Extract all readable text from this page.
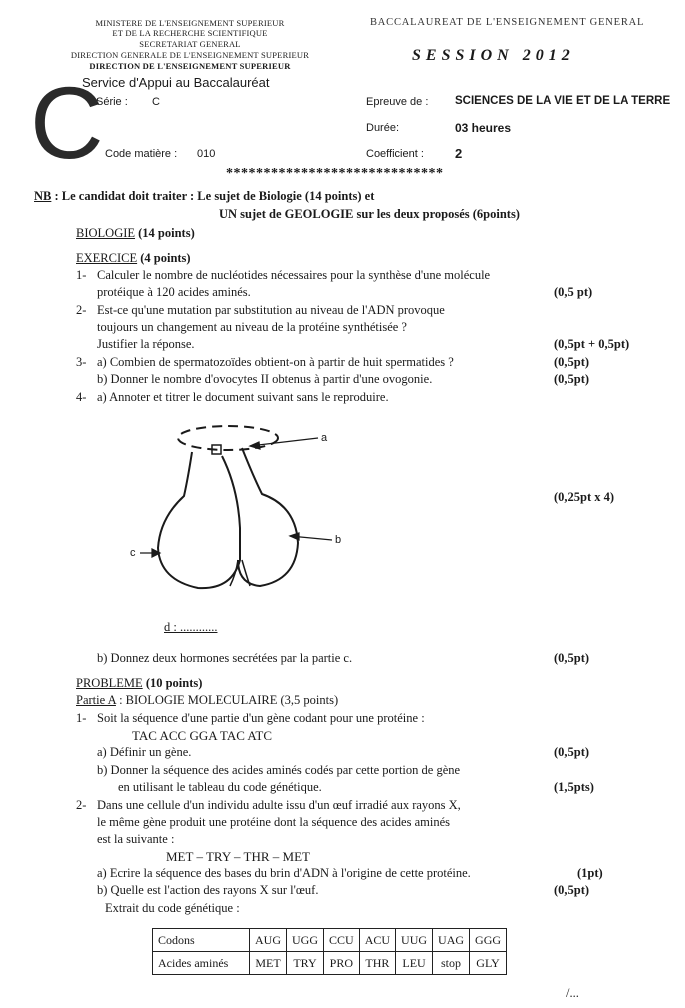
MINISTERE DE L'ENSEIGNEMENT SUPERIEUR
ET DE LA RECHERCHE SCIENTIFIQUE
SECRETARIAT GENERAL
DIRECTION GENERALE DE L'ENSEIGNEMENT SUPERIEUR
DIRECTION DE L'ENSEIGNEMENT SUPERIEUR
Service d'Appui au Baccalauréat
BACCALAUREAT DE L'ENSEIGNEMENT GENERAL
SESSION 2012
C
Série : C
Code matière : 010
Epreuve de : SCIENCES DE LA VIE ET DE LA TERRE
Durée:	03 heures
Coefficient : 2
*****************************
NB : Le candidat doit traiter : Le sujet de Biologie (14 points) et
UN sujet de GEOLOGIE sur les deux proposés (6points)
BIOLOGIE (14 points)
EXERCICE (4 points)
1- Calculer le nombre de nucléotides nécessaires pour la synthèse d'une molécule
protéique à 120 acides aminés.	(0,5 pt)
2- Est-ce qu'une mutation par substitution au niveau de l'ADN provoque
toujours un changement au niveau de la protéine synthétisée ?
Justifier la réponse.	(0,5pt + 0,5pt)
3- a) Combien de spermatozoïdes obtient-on à partir de huit spermatides ?	(0,5pt)
b) Donner le nombre d'ovocytes II obtenus à partir d'une ovogonie.	(0,5pt)
4- a) Annoter et titrer le document suivant sans le reproduire.
a
b
c
d : ............
(0,25pt x 4)
b) Donnez deux hormones secrétées par la partie c.	(0,5pt)
PROBLEME (10 points)
Partie A : BIOLOGIE MOLECULAIRE (3,5 points)
1- Soit la séquence d'une partie d'un gène codant pour une protéine :
TAC ACC GGA TAC ATC
a) Définir un gène.	(0,5pt)
b) Donner la séquence des acides aminés codés par cette portion de gène
en utilisant le tableau du code génétique.	(1,5pts)
2- Dans une cellule d'un individu adulte issu d'un œuf irradié aux rayons X,
le même gène produit une protéine dont la séquence des acides aminés
est la suivante :
MET – TRY – THR – MET
a) Ecrire la séquence des bases du brin d'ADN à l'origine de cette protéine.	(1pt)
b) Quelle est l'action des rayons X sur l'œuf.	(0,5pt)
Extrait du code génétique :
Codons	AUG	UGG	CCU	ACU	UUG	UAG	GGG
Acides aminés	MET	TRY	PRO	THR	LEU	stop	GLY
/...
